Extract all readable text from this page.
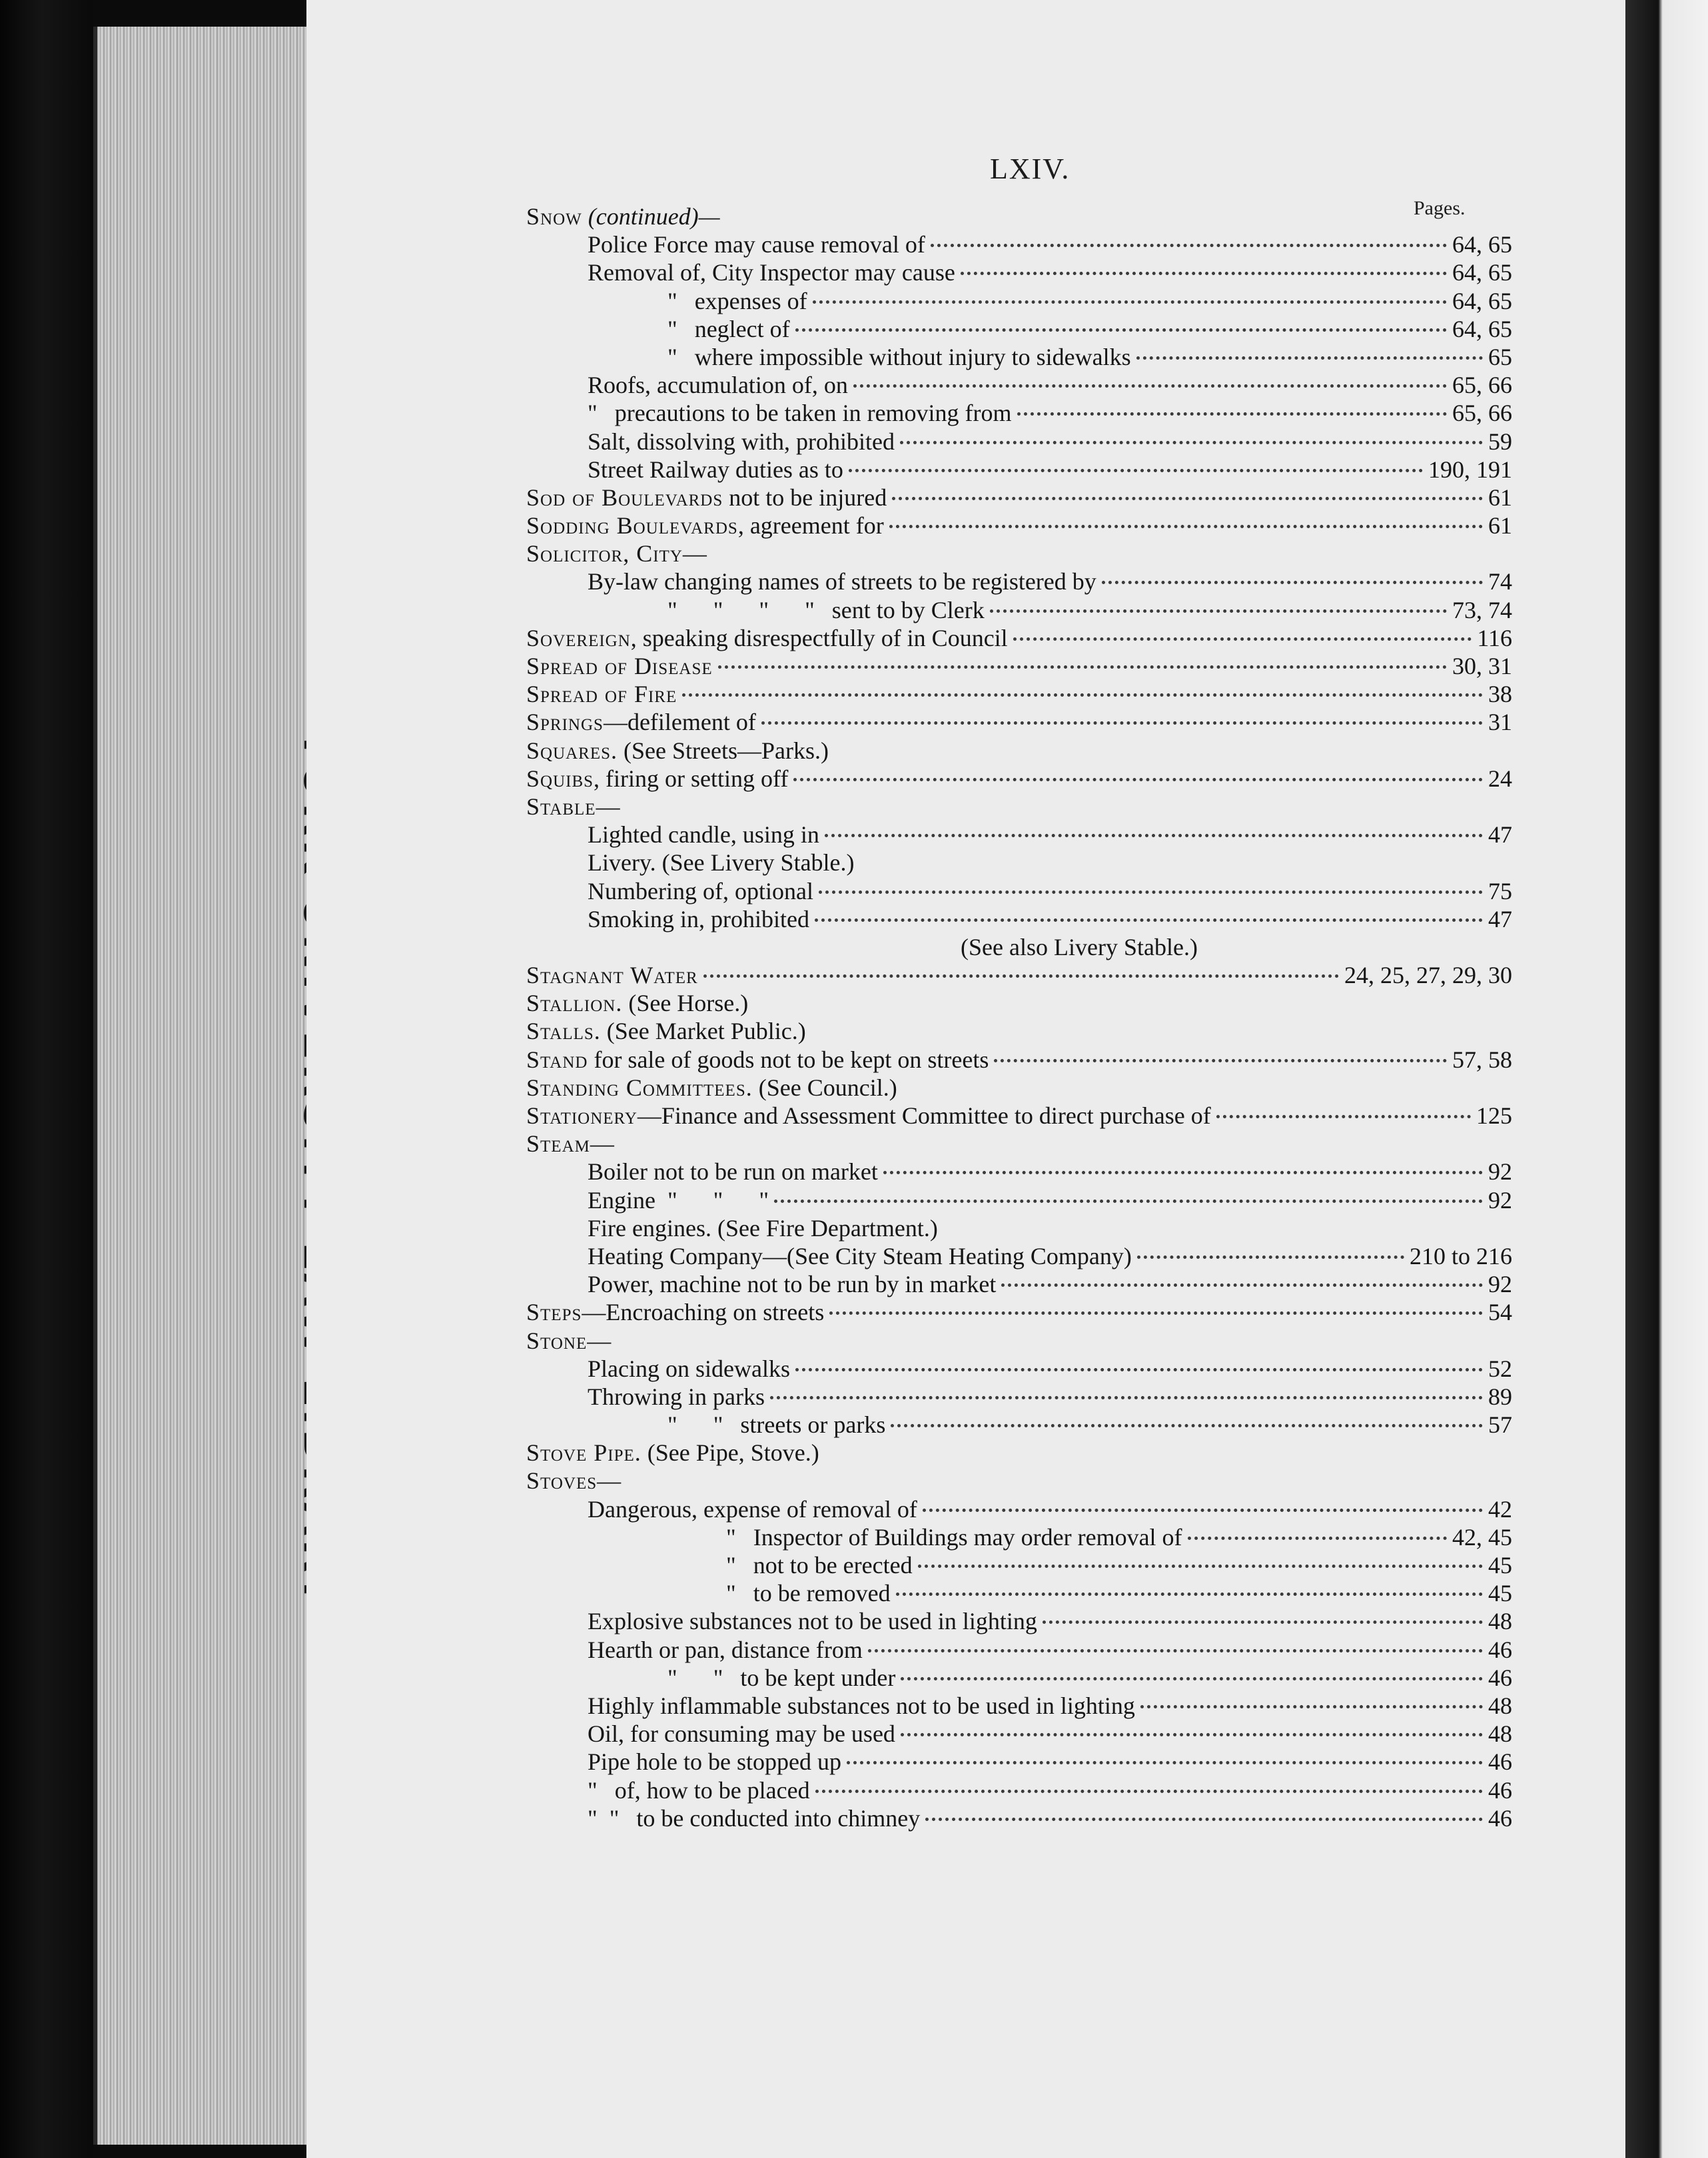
LXIV.
Pages.
Snow (continued)—
Police Force may cause removal of	64, 65
Removal of, City Inspector may cause	64, 65
" expenses of	64, 65
" neglect of	64, 65
" where impossible without injury to sidewalks	65
Roofs, accumulation of, on	65, 66
" precautions to be taken in removing from	65, 66
Salt, dissolving with, prohibited	59
Street Railway duties as to	190, 191
Sod of Boulevards not to be injured	61
Sodding Boulevards , agreement for	61
Solicitor, City —
By-law changing names of streets to be registered by	74
"      "      "      " sent to by Clerk	73, 74
Sovereign , speaking disrespectfully of in Council	116
Spread of Disease	30, 31
Spread of Fire	38
Springs —defilement of	31
Squares. (See Streets—Parks.)
Squibs , firing or setting off	24
Stable —
Lighted candle, using in	47
Livery. (See Livery Stable.)
Numbering of, optional	75
Smoking in, prohibited	47
(See also Livery Stable.)
Stagnant Water	24, 25, 27, 29, 30
Stallion. (See Horse.)
Stalls. (See Market Public.)
Stand for sale of goods not to be kept on streets	57, 58
Standing Committees. (See Council.)
Stationery —Finance and Assessment Committee to direct purchase of	125
Steam —
Boiler not to be run on market	92
Engine  "      "      "	92
Fire engines. (See Fire Department.)
Heating Company—(See City Steam Heating Company)	210 to 216
Power, machine not to be run by in market	92
Steps —Encroaching on streets	54
Stone —
Placing on sidewalks	52
Throwing in parks	89
"      " streets or parks	57
Stove Pipe. (See Pipe, Stove.)
Stoves —
Dangerous, expense of removal of	42
" Inspector of Buildings may order removal of	42, 45
" not to be erected	45
" to be removed	45
Explosive substances not to be used in lighting	48
Hearth or pan, distance from	46
"      " to be kept under	46
Highly inflammable substances not to be used in lighting	48
Oil, for consuming may be used	48
Pipe hole to be stopped up	46
" of, how to be placed	46
"  " to be conducted into chimney	46
